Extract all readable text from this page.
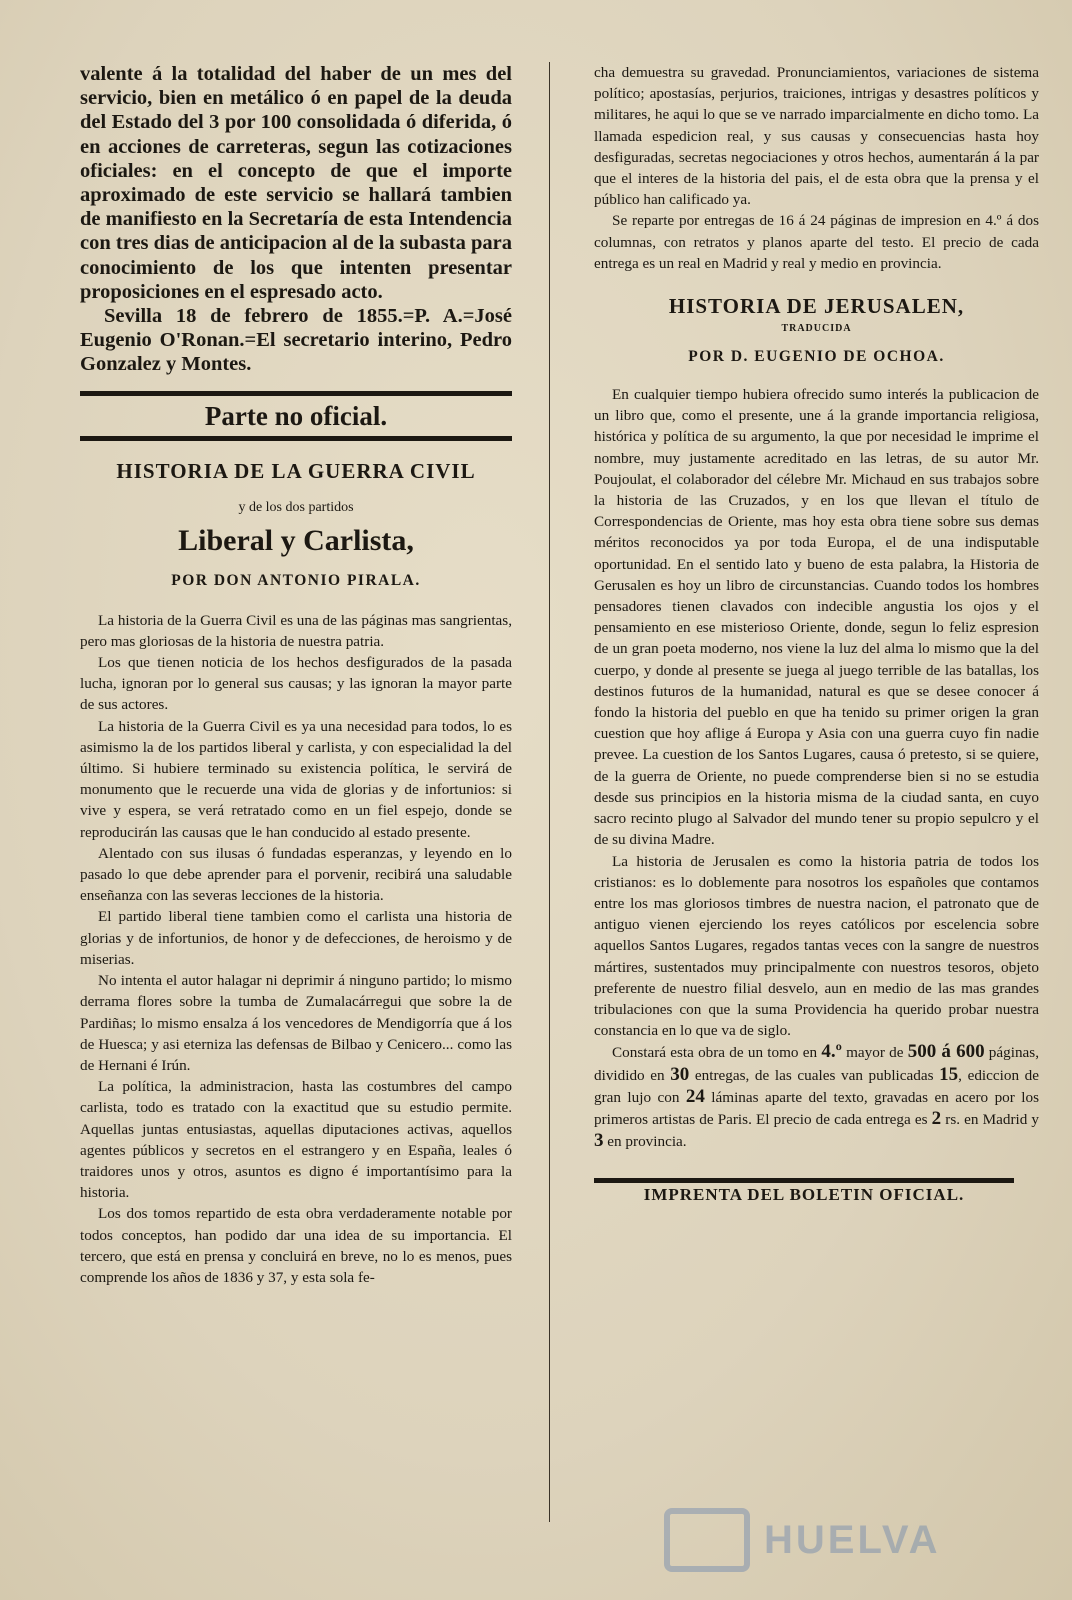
valente á la totalidad del haber de un mes del servicio, bien en metálico ó en papel de la deuda del Estado del 3 por 100 consolidada ó diferida, ó en acciones de carreteras, segun las cotizaciones oficiales: en el concepto de que el importe aproximado de este servicio se hallará tambien de manifiesto en la Secretaría de esta Intendencia con tres dias de anticipacion al de la subasta para conocimiento de los que intenten presentar proposiciones en el espresado acto.

Sevilla 18 de febrero de 1855.=P. A.=José Eugenio O'Ronan.=El secretario interino, Pedro Gonzalez y Montes.

Parte no oficial.
HISTORIA DE LA GUERRA CIVIL
y de los dos partidos
Liberal y Carlista,
POR DON ANTONIO PIRALA.

La historia de la Guerra Civil es una de las páginas mas sangrientas, pero mas gloriosas de la historia de nuestra patria.

Los que tienen noticia de los hechos desfigurados de la pasada lucha, ignoran por lo general sus causas; y las ignoran la mayor parte de sus actores.

La historia de la Guerra Civil es ya una necesidad para todos, lo es asimismo la de los partidos liberal y carlista, y con especialidad la del último. Si hubiere terminado su existencia política, le servirá de monumento que le recuerde una vida de glorias y de infortunios: si vive y espera, se verá retratado como en un fiel espejo, donde se reproducirán las causas que le han conducido al estado presente.

Alentado con sus ilusas ó fundadas esperanzas, y leyendo en lo pasado lo que debe aprender para el porvenir, recibirá una saludable enseñanza con las severas lecciones de la historia.

El partido liberal tiene tambien como el carlista una historia de glorias y de infortunios, de honor y de defecciones, de heroismo y de miserias.

No intenta el autor halagar ni deprimir á ninguno partido; lo mismo derrama flores sobre la tumba de Zumalacárregui que sobre la de Pardiñas; lo mismo ensalza á los vencedores de Mendigorría que á los de Huesca; y asi eterniza las defensas de Bilbao y Cenicero... como las de Hernani é Irún.

La política, la administracion, hasta las costumbres del campo carlista, todo es tratado con la exactitud que su estudio permite. Aquellas juntas entusiastas, aquellas diputaciones activas, aquellos agentes públicos y secretos en el estrangero y en España, leales ó traidores unos y otros, asuntos es digno é importantísimo para la historia.

Los dos tomos repartido de esta obra verdaderamente notable por todos conceptos, han podido dar una idea de su importancia. El tercero, que está en prensa y concluirá en breve, no lo es menos, pues comprende los años de 1836 y 37, y esta sola fe-

cha demuestra su gravedad. Pronunciamientos, variaciones de sistema político; apostasías, perjurios, traiciones, intrigas y desastres políticos y militares, he aqui lo que se ve narrado imparcialmente en dicho tomo. La llamada espedicion real, y sus causas y consecuencias hasta hoy desfiguradas, secretas negociaciones y otros hechos, aumentarán á la par que el interes de la historia del pais, el de esta obra que la prensa y el público han calificado ya.

Se reparte por entregas de 16 á 24 páginas de impresion en 4.º á dos columnas, con retratos y planos aparte del testo. El precio de cada entrega es un real en Madrid y real y medio en provincia.

HISTORIA DE JERUSALEN,
TRADUCIDA
POR D. EUGENIO DE OCHOA.

En cualquier tiempo hubiera ofrecido sumo interés la publicacion de un libro que, como el presente, une á la grande importancia religiosa, histórica y política de su argumento, la que por necesidad le imprime el nombre, muy justamente acreditado en las letras, de su autor Mr. Poujoulat, el colaborador del célebre Mr. Michaud en sus trabajos sobre la historia de las Cruzados, y en los que llevan el título de Correspondencias de Oriente, mas hoy esta obra tiene sobre sus demas méritos reconocidos ya por toda Europa, el de una indisputable oportunidad. En el sentido lato y bueno de esta palabra, la Historia de Gerusalen es hoy un libro de circunstancias. Cuando todos los hombres pensadores tienen clavados con indecible angustia los ojos y el pensamiento en ese misterioso Oriente, donde, segun lo feliz espresion de un gran poeta moderno, nos viene la luz del alma lo mismo que la del cuerpo, y donde al presente se juega al juego terrible de las batallas, los destinos futuros de la humanidad, natural es que se desee conocer á fondo la historia del pueblo en que ha tenido su primer origen la gran cuestion que hoy aflige á Europa y Asia con una guerra cuyo fin nadie prevee. La cuestion de los Santos Lugares, causa ó pretesto, si se quiere, de la guerra de Oriente, no puede comprenderse bien si no se estudia desde sus principios en la historia misma de la ciudad santa, en cuyo sacro recinto plugo al Salvador del mundo tener su propio sepulcro y el de su divina Madre.

La historia de Jerusalen es como la historia patria de todos los cristianos: es lo doblemente para nosotros los españoles que contamos entre los mas gloriosos timbres de nuestra nacion, el patronato que de antiguo vienen ejerciendo los reyes católicos por escelencia sobre aquellos Santos Lugares, regados tantas veces con la sangre de nuestros mártires, sustentados muy principalmente con nuestros tesoros, objeto preferente de nuestro filial desvelo, aun en medio de las mas grandes tribulaciones con que la suma Providencia ha querido probar nuestra constancia en lo que va de siglo.

Constará esta obra de un tomo en 4.º mayor de 500 á 600 páginas, dividido en 30 entregas, de las cuales van publicadas 15, ediccion de gran lujo con 24 láminas aparte del texto, gravadas en acero por los primeros artistas de Paris. El precio de cada entrega es 2 rs. en Madrid y 3 en provincia.

IMPRENTA DEL BOLETIN OFICIAL.
HUELVA
